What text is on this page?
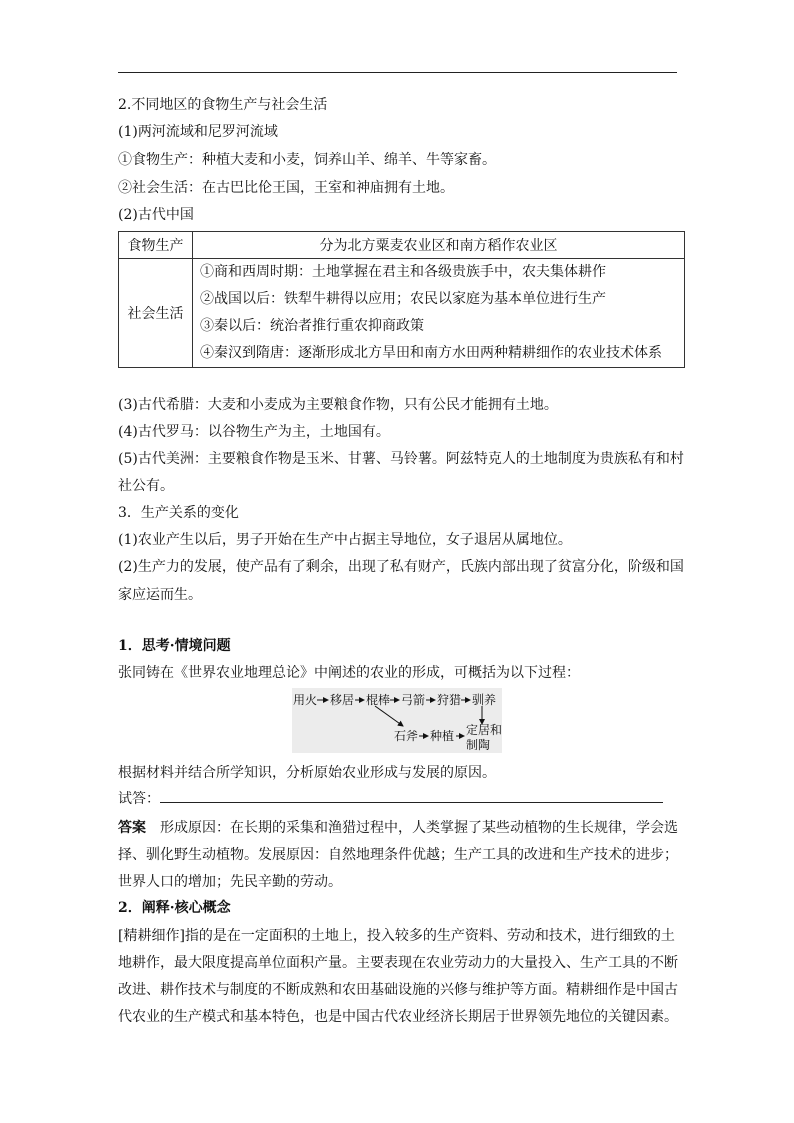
2.不同地区的食物生产与社会生活
(1)两河流域和尼罗河流域
①食物生产：种植大麦和小麦，饲养山羊、绵羊、牛等家畜。
②社会生活：在古巴比伦王国，王室和神庙拥有土地。
(2)古代中国
食物生产	分为北方粟麦农业区和南方稻作农业区
社会生活	①商和西周时期：土地掌握在君主和各级贵族手中，农夫集体耕作
②战国以后：铁犁牛耕得以应用；农民以家庭为基本单位进行生产
③秦以后：统治者推行重农抑商政策
④秦汉到隋唐：逐渐形成北方旱田和南方水田两种精耕细作的农业技术体系
(3)古代希腊：大麦和小麦成为主要粮食作物，只有公民才能拥有土地。
(4)古代罗马：以谷物生产为主，土地国有。
(5)古代美洲：主要粮食作物是玉米、甘薯、马铃薯。阿兹特克人的土地制度为贵族私有和村
社公有。
3．生产关系的变化
(1)农业产生以后，男子开始在生产中占据主导地位，女子退居从属地位。
(2)生产力的发展，使产品有了剩余，出现了私有财产，氏族内部出现了贫富分化，阶级和国
家应运而生。
1．思考·情境问题
张同铸在《世界农业地理总论》中阐述的农业的形成，可概括为以下过程：
用火 移居 棍棒 弓箭 狩猎 驯养
石斧 种植 定居和
制陶
根据材料并结合所学知识，分析原始农业形成与发展的原因。
试答：
答案 形成原因：在长期的采集和渔猎过程中，人类掌握了某些动植物的生长规律，学会选
择、驯化野生动植物。发展原因：自然地理条件优越；生产工具的改进和生产技术的进步；
世界人口的增加；先民辛勤的劳动。
2．阐释·核心概念
[精耕细作]指的是在一定面积的土地上，投入较多的生产资料、劳动和技术，进行细致的土
地耕作，最大限度提高单位面积产量。主要表现在农业劳动力的大量投入、生产工具的不断
改进、耕作技术与制度的不断成熟和农田基础设施的兴修与维护等方面。精耕细作是中国古
代农业的生产模式和基本特色，也是中国古代农业经济长期居于世界领先地位的关键因素。
